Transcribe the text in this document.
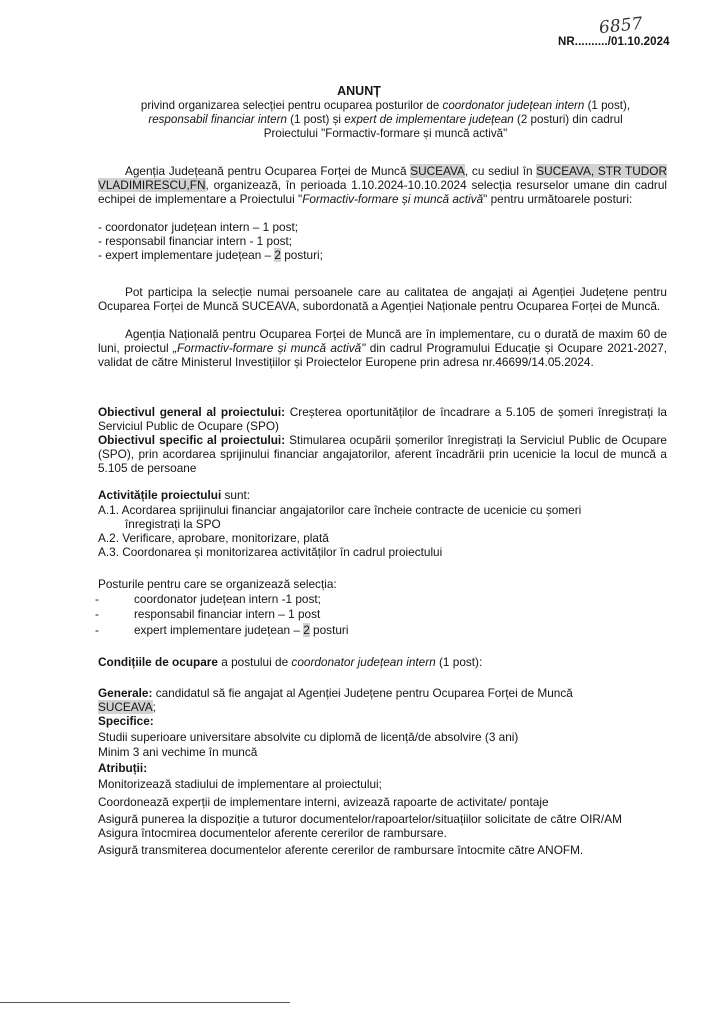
NR........../01.10.2024
6857
ANUNȚ
privind organizarea selecției pentru ocuparea posturilor de coordonator județean intern (1 post),
responsabil financiar intern (1 post) și expert de implementare județean (2 posturi) din cadrul
Proiectului "Formactiv-formare și muncă activă"
Agenția Județeană pentru Ocuparea Forței de Muncă SUCEAVA, cu sediul în SUCEAVA, STR TUDOR VLADIMIRESCU,FN, organizează, în perioada 1.10.2024-10.10.2024 selecția resurselor umane din cadrul echipei de implementare a Proiectului "Formactiv-formare și muncă activă" pentru următoarele posturi:
- coordonator județean intern – 1 post;
- responsabil financiar intern - 1 post;
- expert implementare județean – 2 posturi;
Pot participa la selecție numai persoanele care au calitatea de angajați ai Agenției Județene pentru Ocuparea Forței de Muncă SUCEAVA, subordonată a Agenției Naționale pentru Ocuparea Forței de Muncă.
Agenția Națională pentru Ocuparea Forței de Muncă are în implementare, cu o durată de maxim 60 de luni, proiectul „Formactiv-formare și muncă activă" din cadrul Programului Educație și Ocupare 2021-2027, validat de către Ministerul Investițiilor și Proiectelor Europene prin adresa nr.46699/14.05.2024.
Obiectivul general al proiectului: Creșterea oportunităților de încadrare a 5.105 de șomeri înregistrați la Serviciul Public de Ocupare (SPO)
Obiectivul specific al proiectului: Stimularea ocupării șomerilor înregistrați la Serviciul Public de Ocupare (SPO), prin acordarea sprijinului financiar angajatorilor, aferent încadrării prin ucenicie la locul de muncă a 5.105 de persoane
Activitățile proiectului sunt:
A.1. Acordarea sprijinului financiar angajatorilor care încheie contracte de ucenicie cu șomeri
înregistrați la SPO
A.2. Verificare, aprobare, monitorizare, plată
A.3. Coordonarea și monitorizarea activităților în cadrul proiectului
Posturile pentru care se organizează selecția:
-	coordonator județean intern -1 post;
-	responsabil financiar intern – 1 post
-	expert implementare județean – 2 posturi
Condițiile de ocupare a postului de coordonator județean intern (1 post):
Generale: candidatul să fie angajat al Agenției Județene pentru Ocuparea Forței de Muncă
SUCEAVA;
Specifice:
Studii superioare universitare absolvite cu diplomă de licență/de absolvire (3 ani)
Minim 3 ani vechime în muncă
Atribuții:
Monitorizează stadiului de implementare al proiectului;
Coordonează experții de implementare interni, avizează rapoarte de activitate/ pontaje
Asigură punerea la dispoziție a tuturor documentelor/rapoartelor/situațiilor solicitate de către OIR/AM
Asigura întocmirea documentelor aferente cererilor de rambursare.
Asigură transmiterea documentelor aferente cererilor de rambursare întocmite către ANOFM.
